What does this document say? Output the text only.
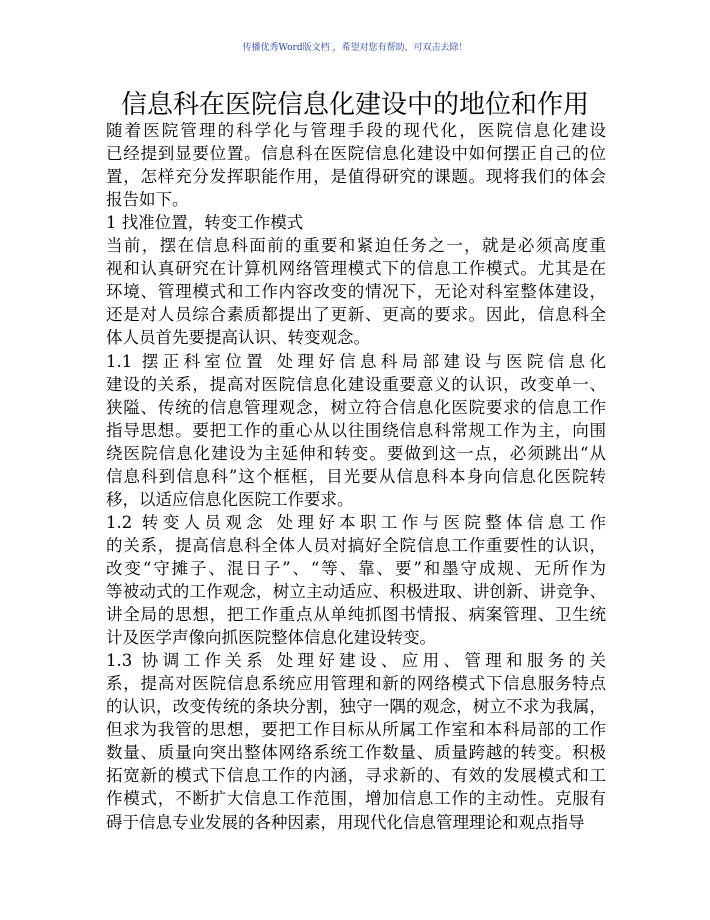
传播优秀Word版文档 ，希望对您有帮助，可双击去除！
信息科在医院信息化建设中的地位和作用
随着医院管理的科学化与管理手段的现代化，医院信息化建设
已经提到显要位置。信息科在医院信息化建设中如何摆正自己的位
置，怎样充分发挥职能作用，是值得研究的课题。现将我们的体会
报告如下。
1 找准位置，转变工作模式
当前，摆在信息科面前的重要和紧迫任务之一，就是必须高度重
视和认真研究在计算机网络管理模式下的信息工作模式。尤其是在
环境、管理模式和工作内容改变的情况下，无论对科室整体建设，
还是对人员综合素质都提出了更新、更高的要求。因此，信息科全
体人员首先要提高认识、转变观念。
1.1 摆正科室位置 处理好信息科局部建设与医院信息化
建设的关系，提高对医院信息化建设重要意义的认识，改变单一、
狭隘、传统的信息管理观念，树立符合信息化医院要求的信息工作
指导思想。要把工作的重心从以往围绕信息科常规工作为主，向围
绕医院信息化建设为主延伸和转变。要做到这一点，必须跳出“从
信息科到信息科”这个框框，目光要从信息科本身向信息化医院转
移，以适应信息化医院工作要求。
1.2 转变人员观念 处理好本职工作与医院整体信息工作
的关系，提高信息科全体人员对搞好全院信息工作重要性的认识，
改变“守摊子、混日子”、“等、靠、要”和墨守成规、无所作为
等被动式的工作观念，树立主动适应、积极进取、讲创新、讲竞争、
讲全局的思想，把工作重点从单纯抓图书情报、病案管理、卫生统
计及医学声像向抓医院整体信息化建设转变。
1.3 协调工作关系 处理好建设、应用、管理和服务的关
系，提高对医院信息系统应用管理和新的网络模式下信息服务特点
的认识，改变传统的条块分割，独守一隅的观念，树立不求为我属，
但求为我管的思想，要把工作目标从所属工作室和本科局部的工作
数量、质量向突出整体网络系统工作数量、质量跨越的转变。积极
拓宽新的模式下信息工作的内涵，寻求新的、有效的发展模式和工
作模式，不断扩大信息工作范围，增加信息工作的主动性。克服有
碍于信息专业发展的各种因素，用现代化信息管理理论和观点指导
